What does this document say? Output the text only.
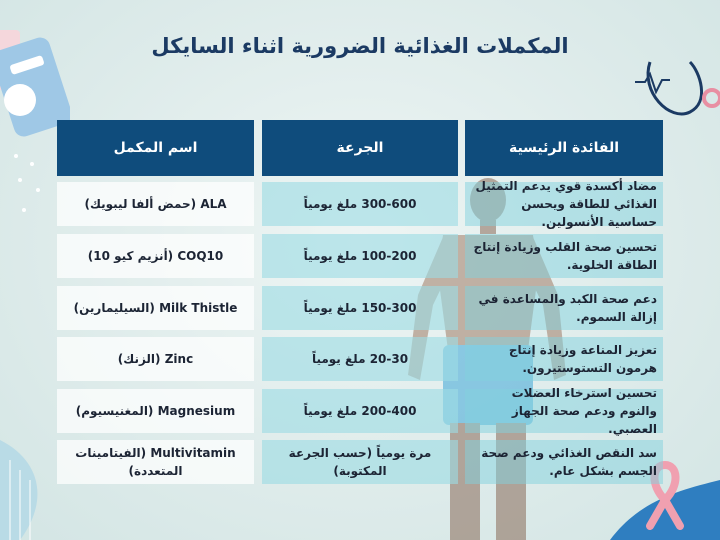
المكملات الغذائية الضرورية اثناء السايكل
الفائدة الرئيسية
الجرعة
اسم المكمل
مضاد أكسدة قوي يدعم التمثيل الغذائي للطاقة ويحسن حساسية الأنسولين.
300-600 ملغ يومياً
ALA (حمض ألفا ليبويك)
تحسين صحة القلب وزيادة إنتاج الطاقة الخلوية.
100-200 ملغ يومياً
COQ10 (أنزيم كيو 10)
دعم صحة الكبد والمساعدة في إزالة السموم.
150-300 ملغ يومياً
Milk Thistle (السيليمارين)
تعزيز المناعة وزيادة إنتاج هرمون التستوستيرون.
20-30 ملغ يومياً
Zinc (الزنك)
تحسين استرخاء العضلات والنوم ودعم صحة الجهاز العصبي.
200-400 ملغ يومياً
Magnesium (المغنيسيوم)
سد النقص الغذائي ودعم صحة الجسم بشكل عام.
مرة يومياً (حسب الجرعة المكتوبة)
Multivitamin (الفيتامينات المتعددة)
